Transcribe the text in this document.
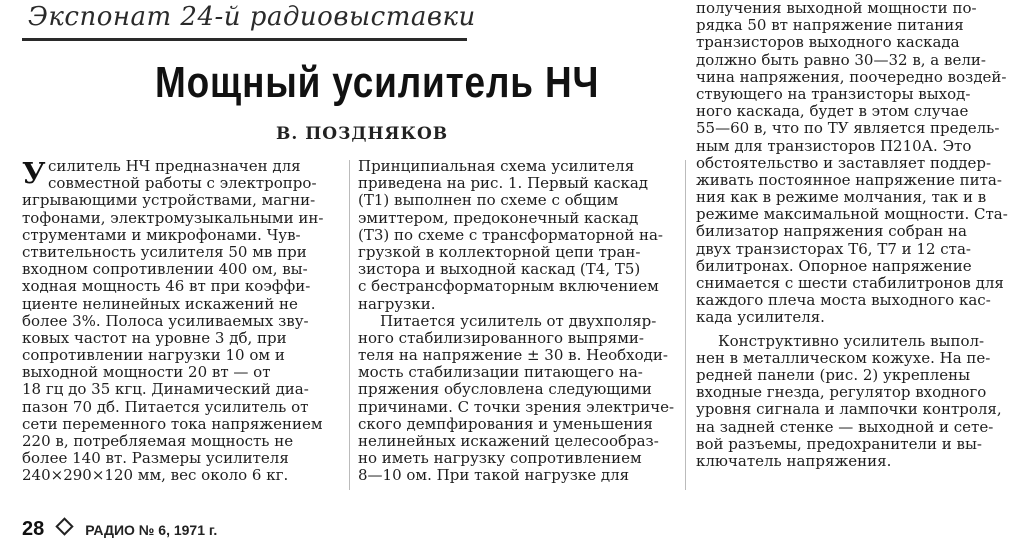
Экспонат 24-й радиовыставки
Мощный усилитель НЧ
В. ПОЗДНЯКОВ
У силитель НЧ предназначен для
совместной работы с электропро-
игрывающими устройствами, магни-
тофонами, электромузыкальными ин-
струментами и микрофонами. Чув-
ствительность усилителя 50 мв при
входном сопротивлении 400 ом, вы-
ходная мощность 46 вт при коэффи-
циенте нелинейных искажений не
более 3%. Полоса усиливаемых зву-
ковых частот на уровне 3 дб, при
сопротивлении нагрузки 10 ом и
выходной мощности 20 вт — от
18 гц до 35 кгц. Динамический диа-
пазон 70 дб. Питается усилитель от
сети переменного тока напряжением
220 в, потребляемая мощность не
более 140 вт. Размеры усилителя
240×290×120 мм, вес около 6 кг.
Принципиальная схема усилителя
приведена на рис. 1. Первый каскад
(Т1) выполнен по схеме с общим
эмиттером, предоконечный каскад
(Т3) по схеме с трансформаторной на-
грузкой в коллекторной цепи тран-
зистора и выходной каскад (Т4, Т5)
с бестрансформаторным включением
нагрузки.
Питается усилитель от двухполяр-
ного стабилизированного выпрями-
теля на напряжение ± 30 в. Необходи-
мость стабилизации питающего на-
пряжения обусловлена следующими
причинами. С точки зрения электриче-
ского демпфирования и уменьшения
нелинейных искажений целесообраз-
но иметь нагрузку сопротивлением
8—10 ом. При такой нагрузке для
получения выходной мощности по-
рядка 50 вт напряжение питания
транзисторов выходного каскада
должно быть равно 30—32 в, а вели-
чина напряжения, поочередно воздей-
ствующего на транзисторы выход-
ного каскада, будет в этом случае
55—60 в, что по ТУ является предель-
ным для транзисторов П210А. Это
обстоятельство и заставляет поддер-
живать постоянное напряжение пита-
ния как в режиме молчания, так и в
режиме максимальной мощности. Ста-
билизатор напряжения собран на
двух транзисторах Т6, Т7 и 12 ста-
билитронах. Опорное напряжение
снимается с шести стабилитронов для
каждого плеча моста выходного кас-
када усилителя.
Конструктивно усилитель выпол-
нен в металлическом кожухе. На пе-
редней панели (рис. 2) укреплены
входные гнезда, регулятор входного
уровня сигнала и лампочки контроля,
на задней стенке — выходной и сете-
вой разъемы, предохранители и вы-
ключатель напряжения.
28	РАДИО № 6, 1971 г.
